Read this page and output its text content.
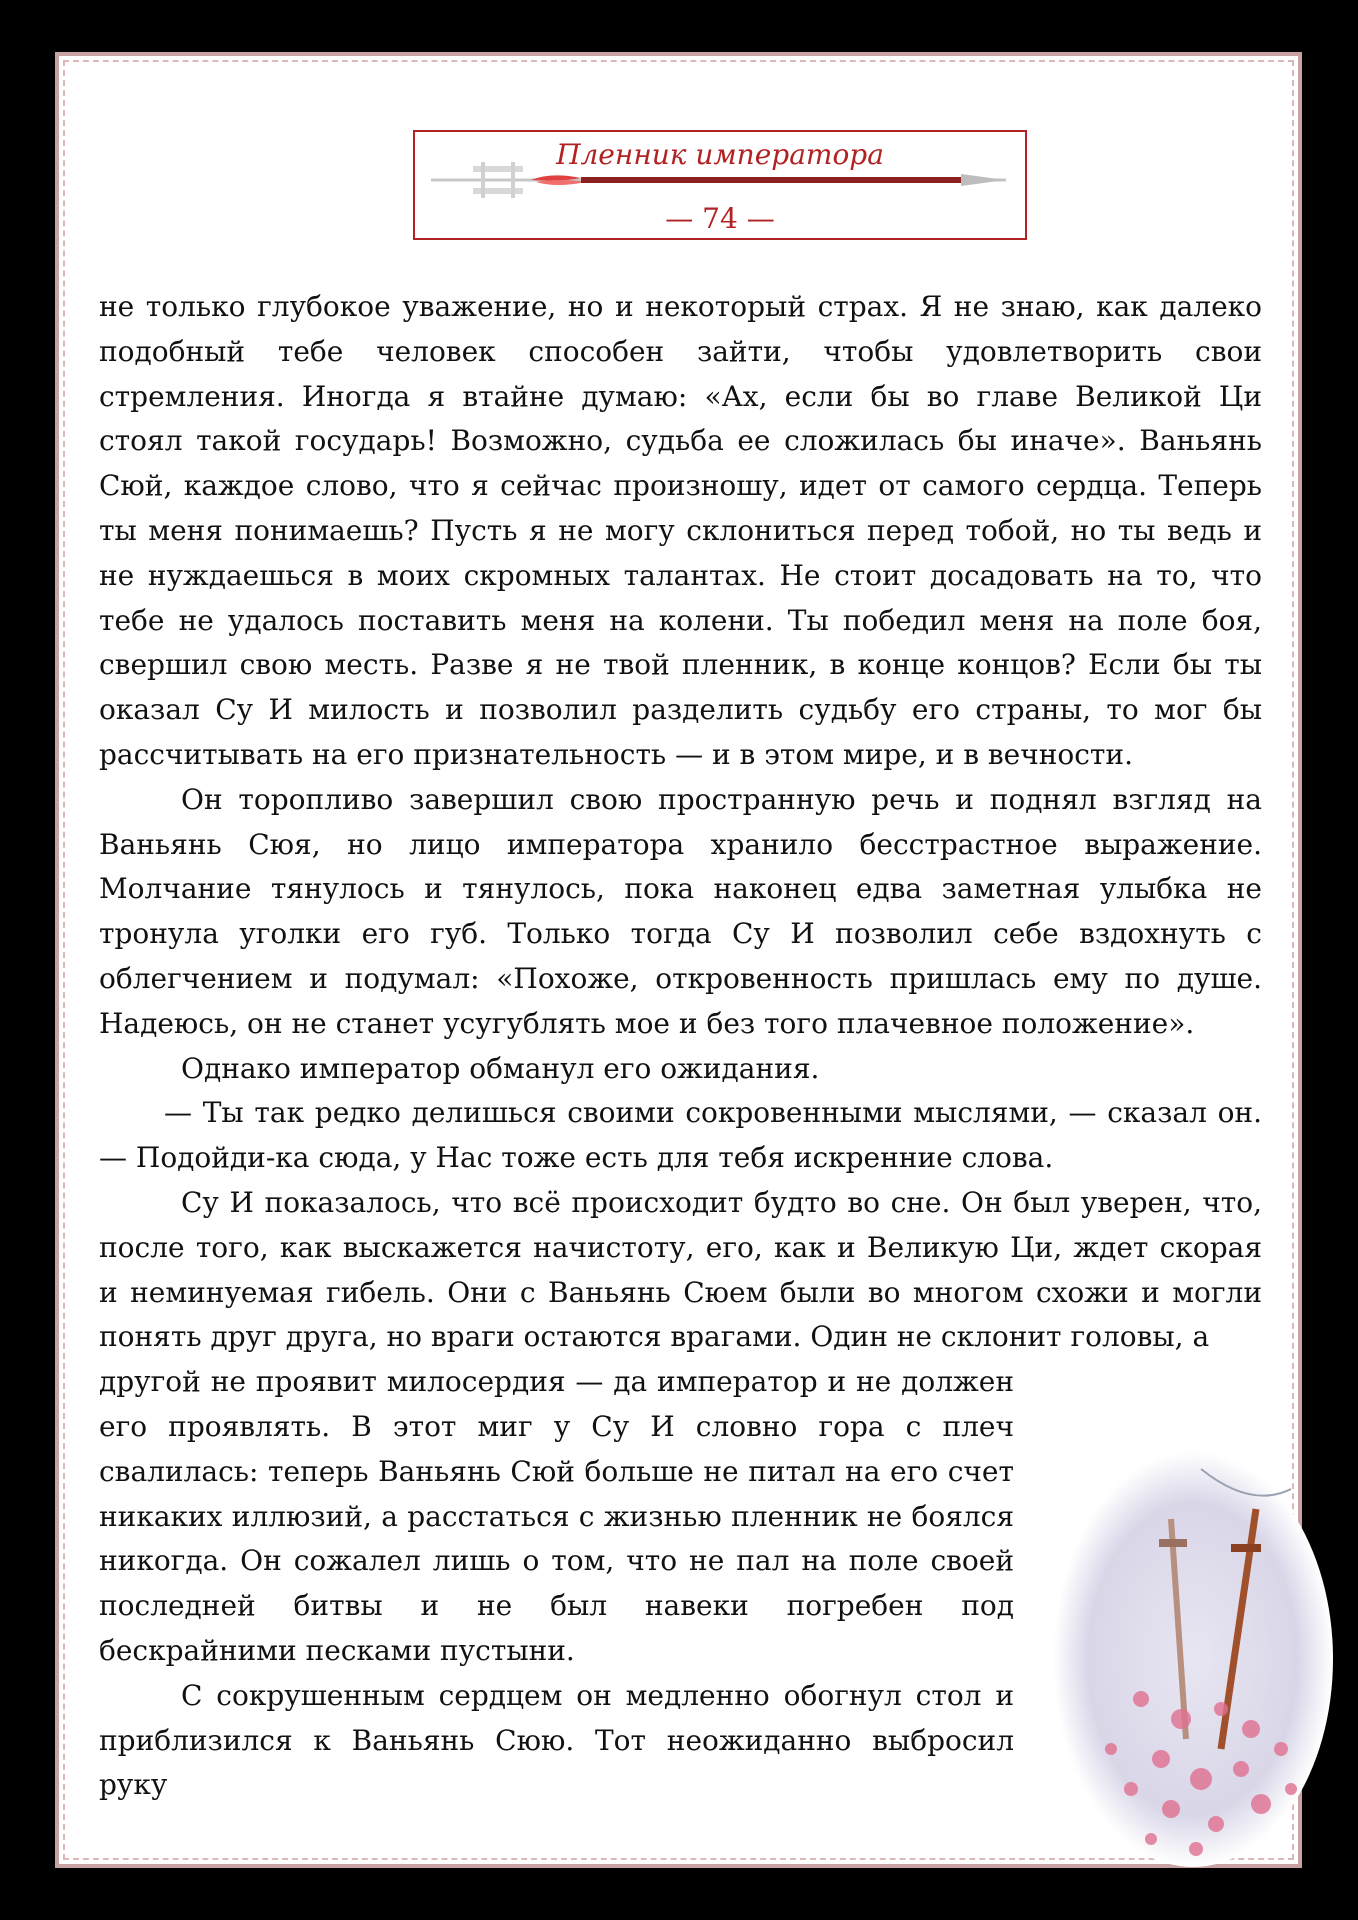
Пленник императора
— 74 —

не только глубокое уважение, но и некоторый страх. Я не знаю, как далеко подобный тебе человек способен зайти, чтобы удовлетворить свои стремления. Иногда я втайне думаю: «Ах, если бы во главе Великой Ци стоял такой государь! Возможно, судьба ее сложилась бы иначе». Ваньянь Сюй, каждое слово, что я сейчас произношу, идет от самого сердца. Теперь ты меня понимаешь? Пусть я не могу склониться перед тобой, но ты ведь и не нуждаешься в моих скромных талантах. Не стоит досадовать на то, что тебе не удалось поставить меня на колени. Ты победил меня на поле боя, свершил свою месть. Разве я не твой пленник, в конце концов? Если бы ты оказал Су И милость и позволил разделить судьбу его страны, то мог бы рассчитывать на его признательность — и в этом мире, и в вечности.

Он торопливо завершил свою пространную речь и поднял взгляд на Ваньянь Сюя, но лицо императора хранило бесстрастное выражение. Молчание тянулось и тянулось, пока наконец едва заметная улыбка не тронула уголки его губ. Только тогда Су И позволил себе вздохнуть с облегчением и подумал: «Похоже, откровенность пришлась ему по душе. Надеюсь, он не станет усугублять мое и без того плачевное положение».

Однако император обманул его ожидания.

— Ты так редко делишься своими сокровенными мыслями, — сказал он. — Подойди-ка сюда, у Нас тоже есть для тебя искренние слова.

Су И показалось, что всё происходит будто во сне. Он был уверен, что, после того, как выскажется начистоту, его, как и Великую Ци, ждет скорая и неминуемая гибель. Они с Ваньянь Сюем были во многом схожи и могли понять друг друга, но враги остаются врагами. Один не склонит головы, а

другой не проявит милосердия — да император и не должен его проявлять. В этот миг у Су И словно гора с плеч свалилась: теперь Ваньянь Сюй больше не питал на его счет никаких иллюзий, а расстаться с жизнью пленник не боялся никогда. Он сожалел лишь о том, что не пал на поле своей последней битвы и не был навеки погребен под бескрайними песками пустыни.

С сокрушенным сердцем он медленно обогнул стол и приблизился к Ваньянь Сюю. Тот неожиданно выбросил руку
